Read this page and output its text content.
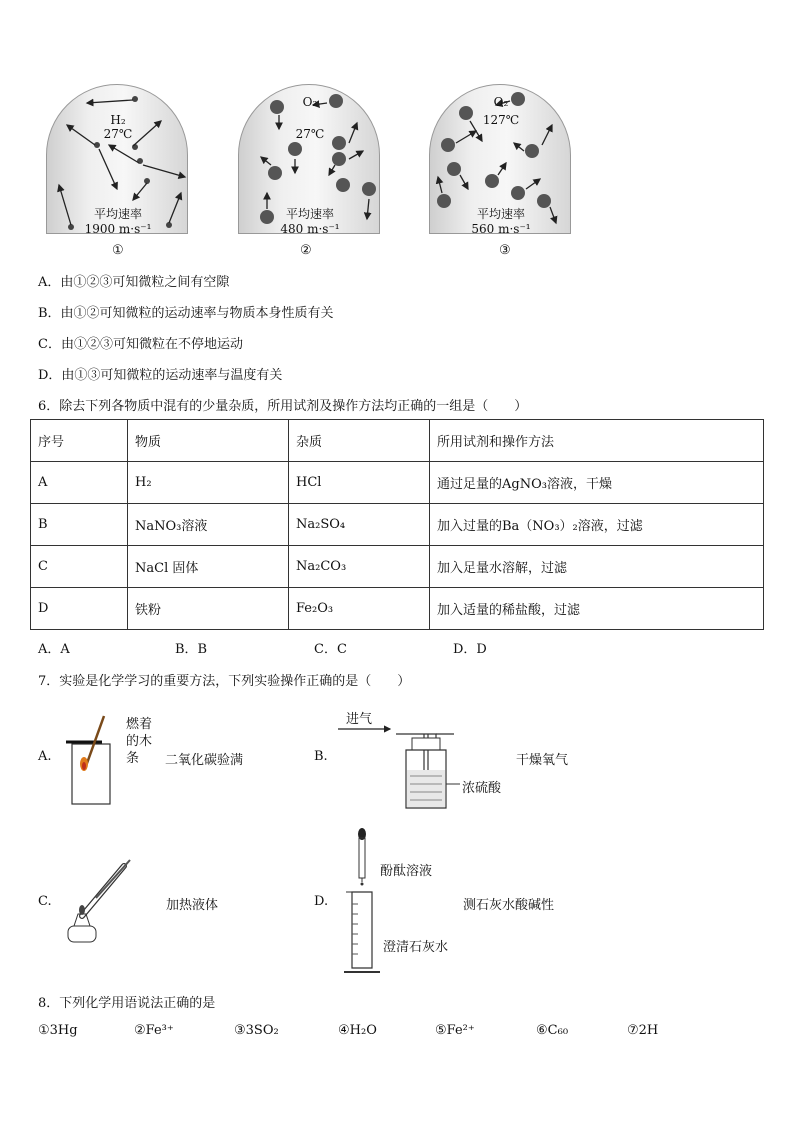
H₂
27℃
平均速率
1900 m·s⁻¹
O₂
27℃
平均速率
480 m·s⁻¹
O₂
127℃
平均速率
560 m·s⁻¹
①	②	③
A．由①②③可知微粒之间有空隙
B．由①②可知微粒的运动速率与物质本身性质有关
C．由①②③可知微粒在不停地运动
D．由①③可知微粒的运动速率与温度有关
6．除去下列各物质中混有的少量杂质，所用试剂及操作方法均正确的一组是（　　）
序号	物质	杂质	所用试剂和操作方法
A	H₂	HCl	通过足量的AgNO₃溶液，干燥
B	NaNO₃溶液	Na₂SO₄	加入过量的Ba（NO₃）₂溶液，过滤
C	NaCl 固体	Na₂CO₃	加入足量水溶解，过滤
D	铁粉	Fe₂O₃	加入适量的稀盐酸，过滤
A．A	B．B	C．C	D．D
7．实验是化学学习的重要方法，下列实验操作正确的是（　　）
A.
燃着的木条	二氧化碳验满	B.
进气
浓硫酸
干燥氧气
C.	加热液体	D.
酚酞溶液
澄清石灰水
测石灰水酸碱性
8．下列化学用语说法正确的是
①3Hg	②Fe³⁺	③3SO₂	④H₂O	⑤Fe²⁺	⑥C₆₀	⑦2H
